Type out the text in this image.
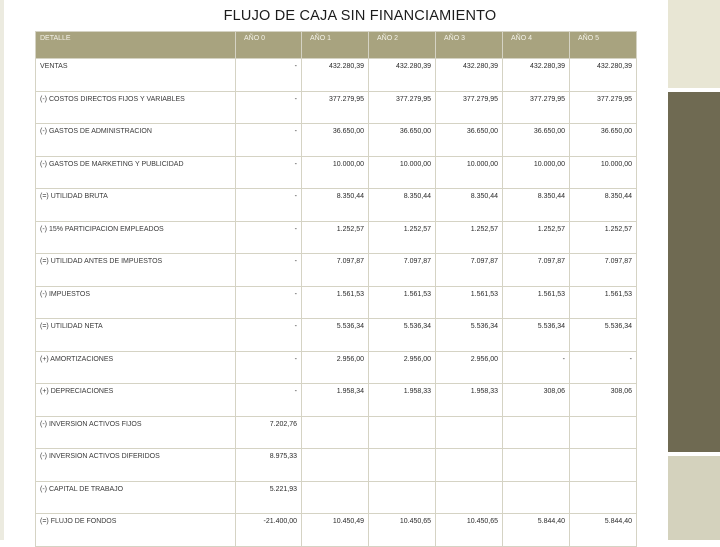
FLUJO DE CAJA SIN FINANCIAMIENTO
DETALLE	AÑO 0	AÑO 1	AÑO 2	AÑO 3	AÑO 4	AÑO 5
VENTAS	-	432.280,39	432.280,39	432.280,39	432.280,39	432.280,39
(-) COSTOS DIRECTOS FIJOS Y VARIABLES	-	377.279,95	377.279,95	377.279,95	377.279,95	377.279,95
(-) GASTOS DE ADMINISTRACION	-	36.650,00	36.650,00	36.650,00	36.650,00	36.650,00
(-) GASTOS DE MARKETING Y PUBLICIDAD	-	10.000,00	10.000,00	10.000,00	10.000,00	10.000,00
(=) UTILIDAD BRUTA	-	8.350,44	8.350,44	8.350,44	8.350,44	8.350,44
(-) 15% PARTICIPACION EMPLEADOS	-	1.252,57	1.252,57	1.252,57	1.252,57	1.252,57
(=) UTILIDAD ANTES DE IMPUESTOS	-	7.097,87	7.097,87	7.097,87	7.097,87	7.097,87
(-) IMPUESTOS	-	1.561,53	1.561,53	1.561,53	1.561,53	1.561,53
(=) UTILIDAD NETA	-	5.536,34	5.536,34	5.536,34	5.536,34	5.536,34
(+) AMORTIZACIONES	-	2.956,00	2.956,00	2.956,00	-	-
(+) DEPRECIACIONES	-	1.958,34	1.958,33	1.958,33	308,06	308,06
(-) INVERSION ACTIVOS FIJOS	7.202,76					
(-) INVERSION ACTIVOS DIFERIDOS	8.975,33					
(-) CAPITAL DE TRABAJO	5.221,93					
(=) FLUJO DE FONDOS	-21.400,00	10.450,49	10.450,65	10.450,65	5.844,40	5.844,40
